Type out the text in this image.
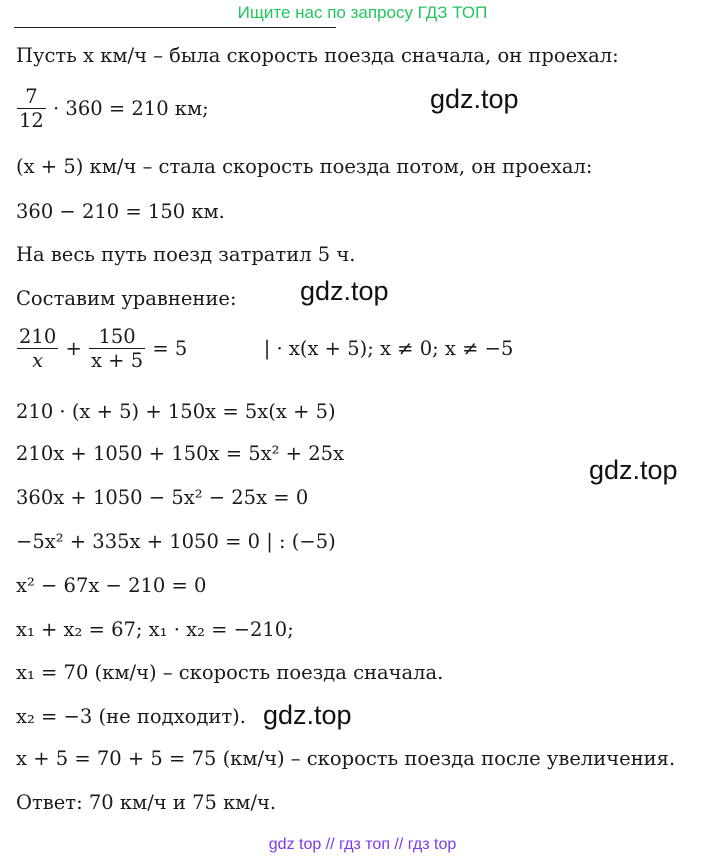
Ищите нас по запросу ГДЗ ТОП
Пусть x км/ч – была скорость поезда сначала, он проехал:
$\frac{7}{12} \cdot 360 = 210$ км;
(x + 5) км/ч – стала скорость поезда потом, он проехал:
360 − 210 = 150 км.
На весь путь поезд затратил 5 ч.
Составим уравнение:
$\frac{210}{x} + \frac{150}{x + 5} = 5$	| · x(x + 5); x ≠ 0; x ≠ −5
210 · (x + 5) + 150x = 5x(x + 5)
210x + 1050 + 150x = 5x² + 25x
360x + 1050 − 5x² − 25x = 0
−5x² + 335x + 1050 = 0 | : (−5)
x² − 67x − 210 = 0
x₁ + x₂ = 67; x₁ · x₂ = −210;
x₁ = 70 (км/ч) – скорость поезда сначала.
x₂ = −3 (не подходит).
x + 5 = 70 + 5 = 75 (км/ч) – скорость поезда после увеличения.
Ответ: 70 км/ч и 75 км/ч.
gdz.top
gdz.top
gdz.top
gdz.top
gdz top // гдз топ // гдз top
